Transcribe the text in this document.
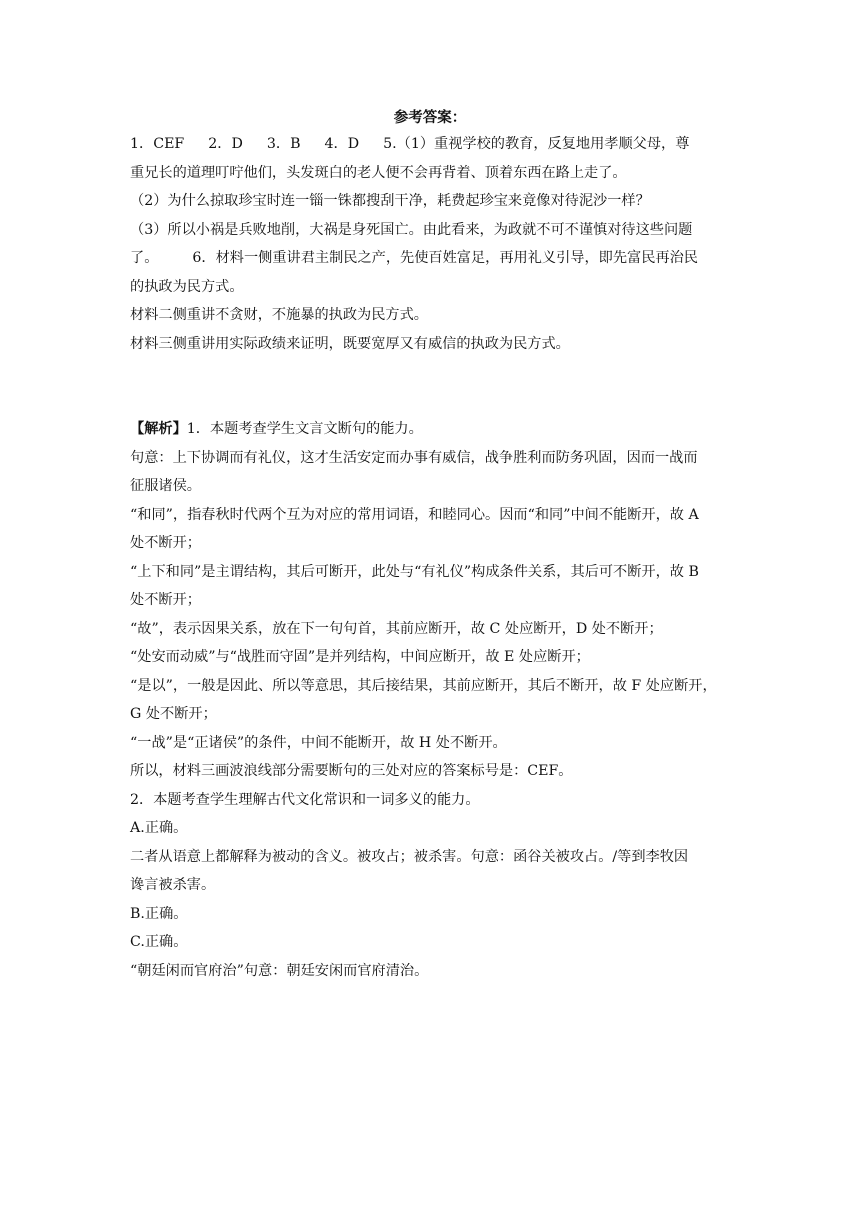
参考答案：

1．CEF 2．D 3．B 4．D 5.（1）重视学校的教育，反复地用孝顺父母，尊

重兄长的道理叮咛他们，头发斑白的老人便不会再背着、顶着东西在路上走了。

（2）为什么掠取珍宝时连一锱一铢都搜刮干净，耗费起珍宝来竟像对待泥沙一样？

（3）所以小祸是兵败地削，大祸是身死国亡。由此看来，为政就不可不谨慎对待这些问题

了。 6．材料一侧重讲君主制民之产，先使百姓富足，再用礼义引导，即先富民再治民

的执政为民方式。

材料二侧重讲不贪财，不施暴的执政为民方式。

材料三侧重讲用实际政绩来证明，既要宽厚又有威信的执政为民方式。

【解析】1．本题考查学生文言文断句的能力。

句意：上下协调而有礼仪，这才生活安定而办事有威信，战争胜利而防务巩固，因而一战而

征服诸侯。

“和同”，指春秋时代两个互为对应的常用词语，和睦同心。因而“和同”中间不能断开，故 A

处不断开；

“上下和同”是主谓结构，其后可断开，此处与“有礼仪”构成条件关系，其后可不断开，故 B

处不断开；

“故”，表示因果关系，放在下一句句首，其前应断开，故 C 处应断开，D 处不断开；

“处安而动威”与“战胜而守固”是并列结构，中间应断开，故 E 处应断开；

“是以”，一般是因此、所以等意思，其后接结果，其前应断开，其后不断开，故 F 处应断开，

G 处不断开；

“一战”是“正诸侯”的条件，中间不能断开，故 H 处不断开。

所以，材料三画波浪线部分需要断句的三处对应的答案标号是：CEF。

2．本题考查学生理解古代文化常识和一词多义的能力。

A.正确。

二者从语意上都解释为被动的含义。被攻占；被杀害。句意：函谷关被攻占。/等到李牧因

谗言被杀害。

B.正确。

C.正确。

“朝廷闲而官府治”句意：朝廷安闲而官府清治。
